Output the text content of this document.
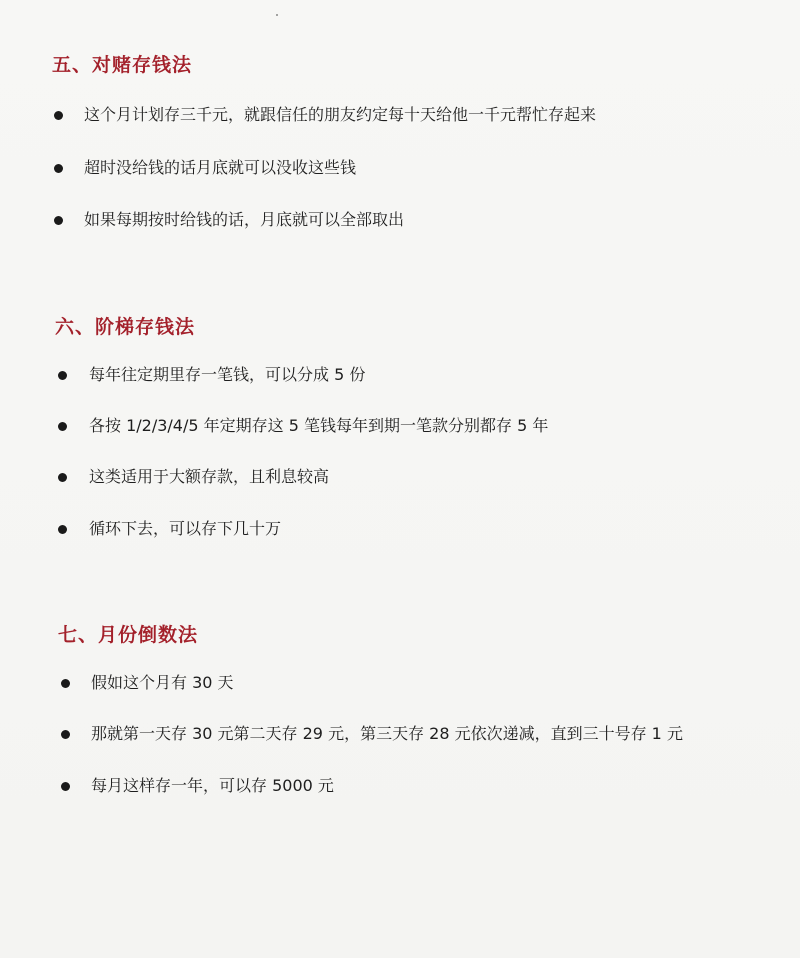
五、对赌存钱法
这个月计划存三千元，就跟信任的朋友约定每十天给他一千元帮忙存起来
超时没给钱的话月底就可以没收这些钱
如果每期按时给钱的话，月底就可以全部取出
六、阶梯存钱法
每年往定期里存一笔钱，可以分成 5 份
各按 1/2/3/4/5 年定期存这 5 笔钱每年到期一笔款分别都存 5 年
这类适用于大额存款，且利息较高
循环下去，可以存下几十万
七、月份倒数法
假如这个月有 30 天
那就第一天存 30 元第二天存 29 元，第三天存 28 元依次递减，直到三十号存 1 元
每月这样存一年，可以存 5000 元
